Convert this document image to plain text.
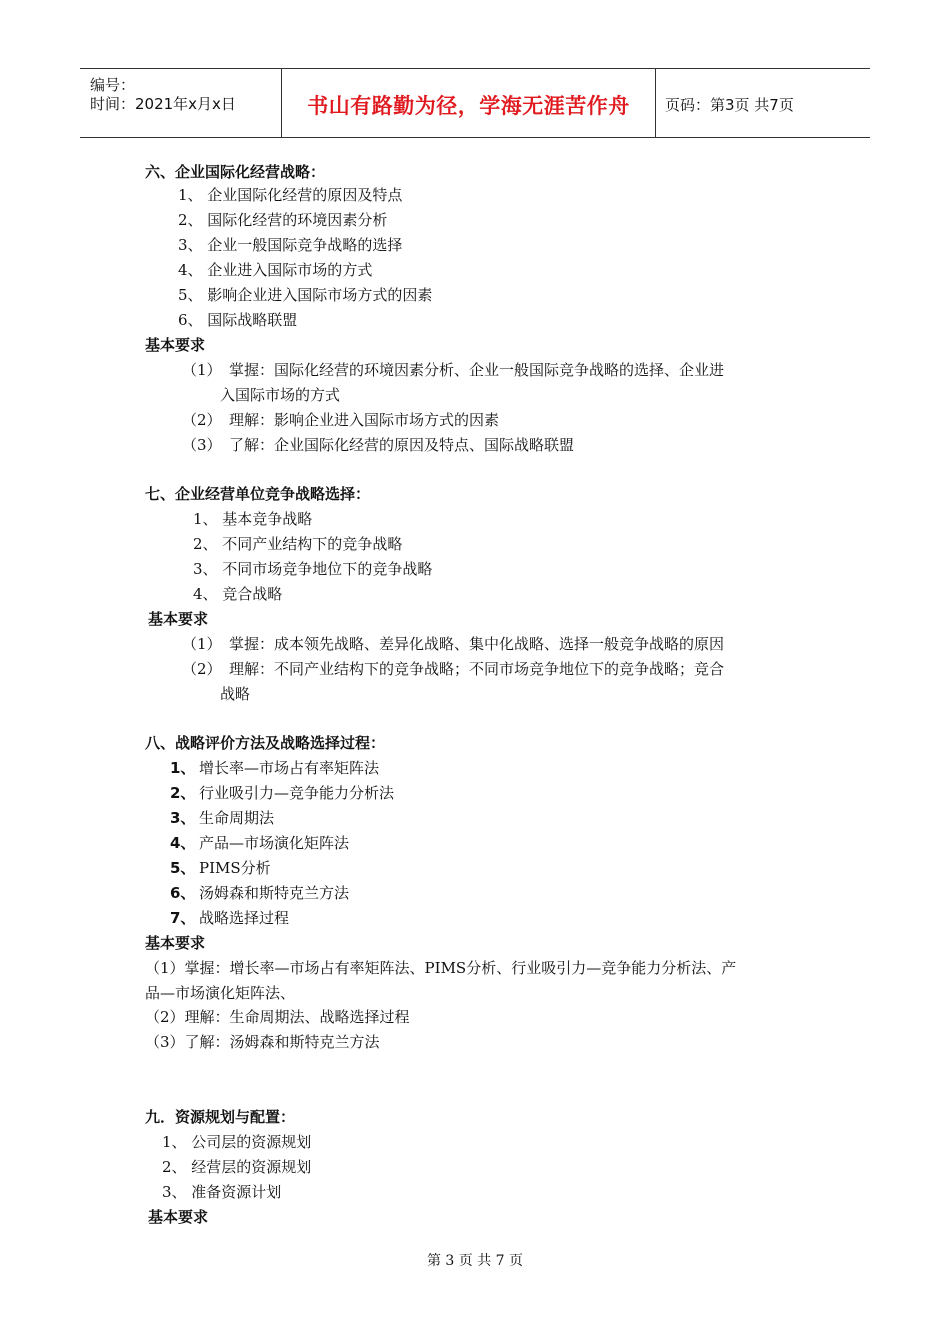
编号：
时间：2021年x月x日	书山有路勤为径，学海无涯苦作舟	页码：第3页 共7页
六、企业国际化经营战略：
1、 企业国际化经营的原因及特点
2、 国际化经营的环境因素分析
3、 企业一般国际竞争战略的选择
4、 企业进入国际市场的方式
5、 影响企业进入国际市场方式的因素
6、 国际战略联盟
基本要求
（1）　掌握：国际化经营的环境因素分析、企业一般国际竞争战略的选择、企业进
入国际市场的方式
（2）　理解：影响企业进入国际市场方式的因素
（3）　了解：企业国际化经营的原因及特点、国际战略联盟
七、企业经营单位竞争战略选择：
1、 基本竞争战略
2、 不同产业结构下的竞争战略
3、 不同市场竞争地位下的竞争战略
4、 竞合战略
基本要求
（1）　掌握：成本领先战略、差异化战略、集中化战略、选择一般竞争战略的原因
（2）　理解：不同产业结构下的竞争战略；不同市场竞争地位下的竞争战略；竞合
战略
八、战略评价方法及战略选择过程：
1、 增长率—市场占有率矩阵法
2、 行业吸引力—竞争能力分析法
3、 生命周期法
4、 产品—市场演化矩阵法
5、 PIMS分析
6、 汤姆森和斯特克兰方法
7、 战略选择过程
基本要求
（1）掌握：增长率—市场占有率矩阵法、PIMS分析、行业吸引力—竞争能力分析法、产
品—市场演化矩阵法、
（2）理解：生命周期法、战略选择过程
（3）了解：汤姆森和斯特克兰方法
九．资源规划与配置：
1、 公司层的资源规划
2、 经营层的资源规划
3、 准备资源计划
基本要求
第 3 页 共 7 页
